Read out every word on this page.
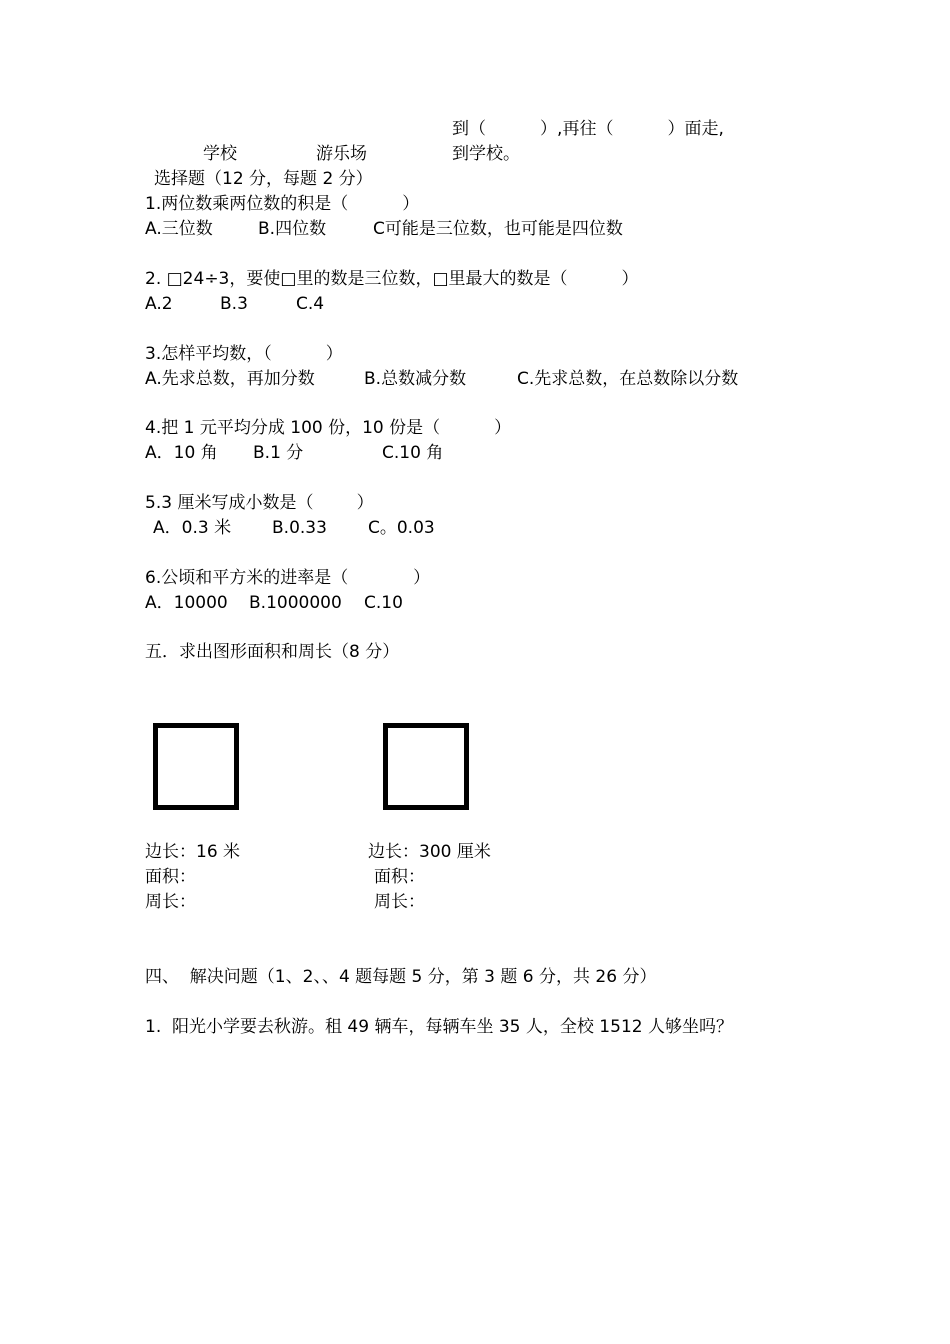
到（          ）,再往（          ）面走,
学校	游乐场	到学校。
选择题（12 分，每题 2 分）
1.两位数乘两位数的积是（          ）
A.三位数	B.四位数	C可能是三位数，也可能是四位数
2. □24÷3，要使□里的数是三位数，□里最大的数是（          ）
A.2	B.3	C.4
3.怎样平均数，（          ）
A.先求总数，再加分数	B.总数减分数	C.先求总数，在总数除以分数
4.把 1 元平均分成 100 份，10 份是（          ）
A．10 角 B.1 分	C.10 角
5.3 厘米写成小数是（        ）
A．0.3 米 B.0.33 C。0.03
6.公顷和平方米的进率是（            ）
A．10000 B.1000000 C.10
五．求出图形面积和周长（8 分）
边长：16 米
面积：
周长：
边长：300 厘米
面积：
周长：
四、  解决问题（1、2、、4 题每题 5 分，第 3 题 6 分，共 26 分）
1.  阳光小学要去秋游。租 49 辆车，每辆车坐 35 人，全校 1512 人够坐吗？
